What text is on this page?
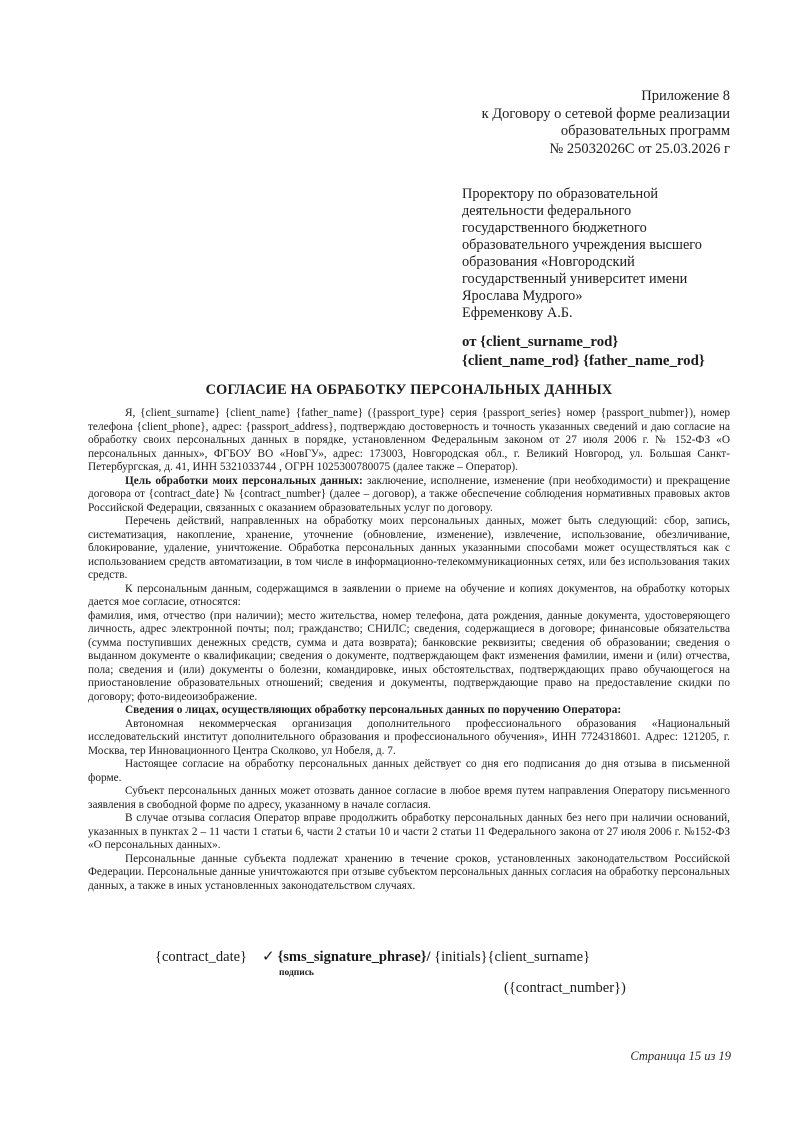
Приложение 8
к Договору о сетевой форме реализации
образовательных программ
№ 25032026С от 25.03.2026 г
Проректору по образовательной
деятельности федерального
государственного бюджетного
образовательного учреждения высшего
образования «Новгородский
государственный университет имени
Ярослава Мудрого»
Ефременкову А.Б.
от {client_surname_rod}
{client_name_rod} {father_name_rod}
СОГЛАСИЕ НА ОБРАБОТКУ ПЕРСОНАЛЬНЫХ ДАННЫХ

Я, {client_surname} {client_name} {father_name} ({passport_type} серия {passport_series} номер {passport_nubmer}), номер телефона {client_phone}, адрес: {passport_address}, подтверждаю достоверность и точность указанных сведений и даю согласие на обработку своих персональных данных в порядке, установленном Федеральным законом от 27 июля 2006 г. № 152-ФЗ «О персональных данных», ФГБОУ ВО «НовГУ», адрес: 173003, Новгородская обл., г. Великий Новгород, ул. Большая Санкт-Петербургская, д. 41, ИНН 5321033744 , ОГРН 1025300780075 (далее также – Оператор).

Цель обработки моих персональных данных: заключение, исполнение, изменение (при необходимости) и прекращение договора от {contract_date} № {contract_number} (далее – договор), а также обеспечение соблюдения нормативных правовых актов Российской Федерации, связанных с оказанием образовательных услуг по договору.

Перечень действий, направленных на обработку моих персональных данных, может быть следующий: сбор, запись, систематизация, накопление, хранение, уточнение (обновление, изменение), извлечение, использование, обезличивание, блокирование, удаление, уничтожение. Обработка персональных данных указанными способами может осуществляться как с использованием средств автоматизации, в том числе в информационно-телекоммуникационных сетях, или без использования таких средств.

К персональным данным, содержащимся в заявлении о приеме на обучение и копиях документов, на обработку которых дается мое согласие, относятся:

фамилия, имя, отчество (при наличии); место жительства, номер телефона, дата рождения, данные документа, удостоверяющего личность, адрес электронной почты; пол; гражданство; СНИЛС; сведения, содержащиеся в договоре; финансовые обязательства (сумма поступивших денежных средств, сумма и дата возврата); банковские реквизиты; сведения об образовании; сведения о выданном документе о квалификации; сведения о документе, подтверждающем факт изменения фамилии, имени и (или) отчества, пола; сведения и (или) документы о болезни, командировке, иных обстоятельствах, подтверждающих право обучающегося на приостановление образовательных отношений; сведения и документы, подтверждающие право на предоставление скидки по договору; фото-видеоизображение.

Сведения о лицах, осуществляющих обработку персональных данных по поручению Оператора:

Автономная некоммерческая организация дополнительного профессионального образования «Национальный исследовательский институт дополнительного образования и профессионального обучения», ИНН 7724318601. Адрес: 121205, г. Москва, тер Инновационного Центра Сколково, ул Нобеля, д. 7.

Настоящее согласие на обработку персональных данных действует со дня его подписания до дня отзыва в письменной форме.

Субъект персональных данных может отозвать данное согласие в любое время путем направления Оператору письменного заявления в свободной форме по адресу, указанному в начале согласия.

В случае отзыва согласия Оператор вправе продолжить обработку персональных данных без него при наличии оснований, указанных в пунктах 2 – 11 части 1 статьи 6, части 2 статьи 10 и части 2 статьи 11 Федерального закона от 27 июля 2006 г. №152-ФЗ «О персональных данных».

Персональные данные субъекта подлежат хранению в течение сроков, установленных законодательством Российской Федерации. Персональные данные уничтожаются при отзыве субъектом персональных данных согласия на обработку персональных данных, а также в иных установленных законодательством случаях.

{contract_date} ✓ {sms_signature_phrase}/ {initials}{client_surname}
подпись
({contract_number})
Страница 15 из 19
